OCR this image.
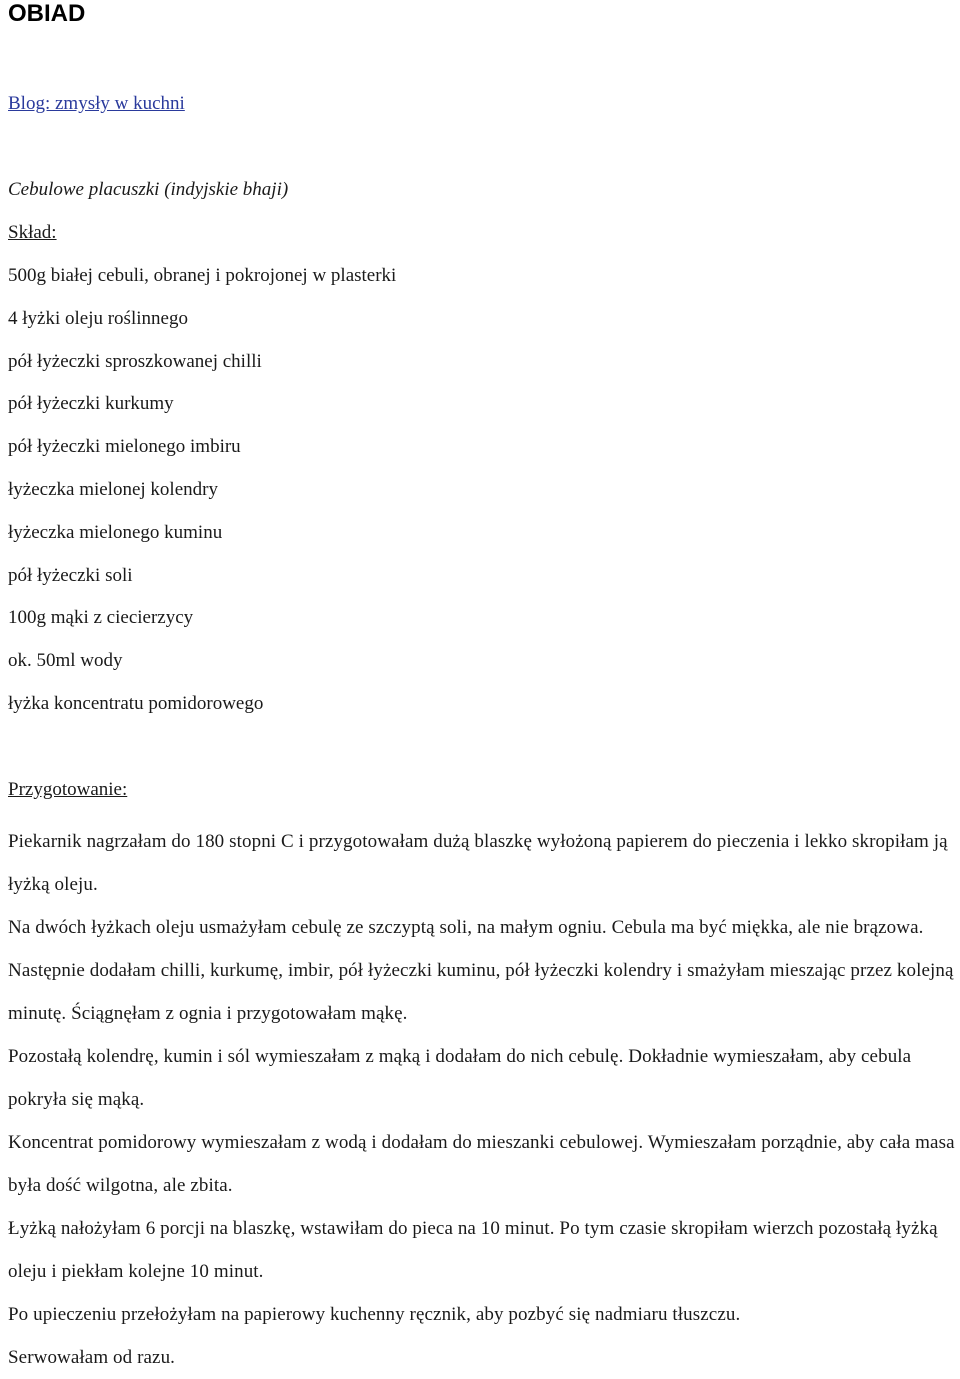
OBIAD
Blog: zmysły w kuchni
Cebulowe placuszki (indyjskie bhaji)
Skład:
500g białej cebuli, obranej i pokrojonej w plasterki
4 łyżki oleju roślinnego
pół łyżeczki sproszkowanej chilli
pół łyżeczki kurkumy
pół łyżeczki mielonego imbiru
łyżeczka mielonej kolendry
łyżeczka mielonego kuminu
pół łyżeczki soli
100g mąki z ciecierzycy
ok. 50ml wody
łyżka koncentratu pomidorowego
Przygotowanie:

Piekarnik nagrzałam do 180 stopni C i przygotowałam dużą blaszkę wyłożoną papierem do pieczenia i lekko skropiłam ją łyżką oleju.

Na dwóch łyżkach oleju usmażyłam cebulę ze szczyptą soli, na małym ogniu. Cebula ma być miękka, ale nie brązowa. Następnie dodałam chilli, kurkumę, imbir, pół łyżeczki kuminu, pół łyżeczki kolendry i smażyłam mieszając przez kolejną minutę. Ściągnęłam z ognia i przygotowałam mąkę.

Pozostałą kolendrę, kumin i sól wymieszałam z mąką i dodałam do nich cebulę. Dokładnie wymieszałam, aby cebula pokryła się mąką.

Koncentrat pomidorowy wymieszałam z wodą i dodałam do mieszanki cebulowej. Wymieszałam porządnie, aby cała masa była dość wilgotna, ale zbita.

Łyżką nałożyłam 6 porcji na blaszkę, wstawiłam do pieca na 10 minut. Po tym czasie skropiłam wierzch pozostałą łyżką oleju i piekłam kolejne 10 minut.

Po upieczeniu przełożyłam na papierowy kuchenny ręcznik, aby pozbyć się nadmiaru tłuszczu.

Serwowałam od razu.
